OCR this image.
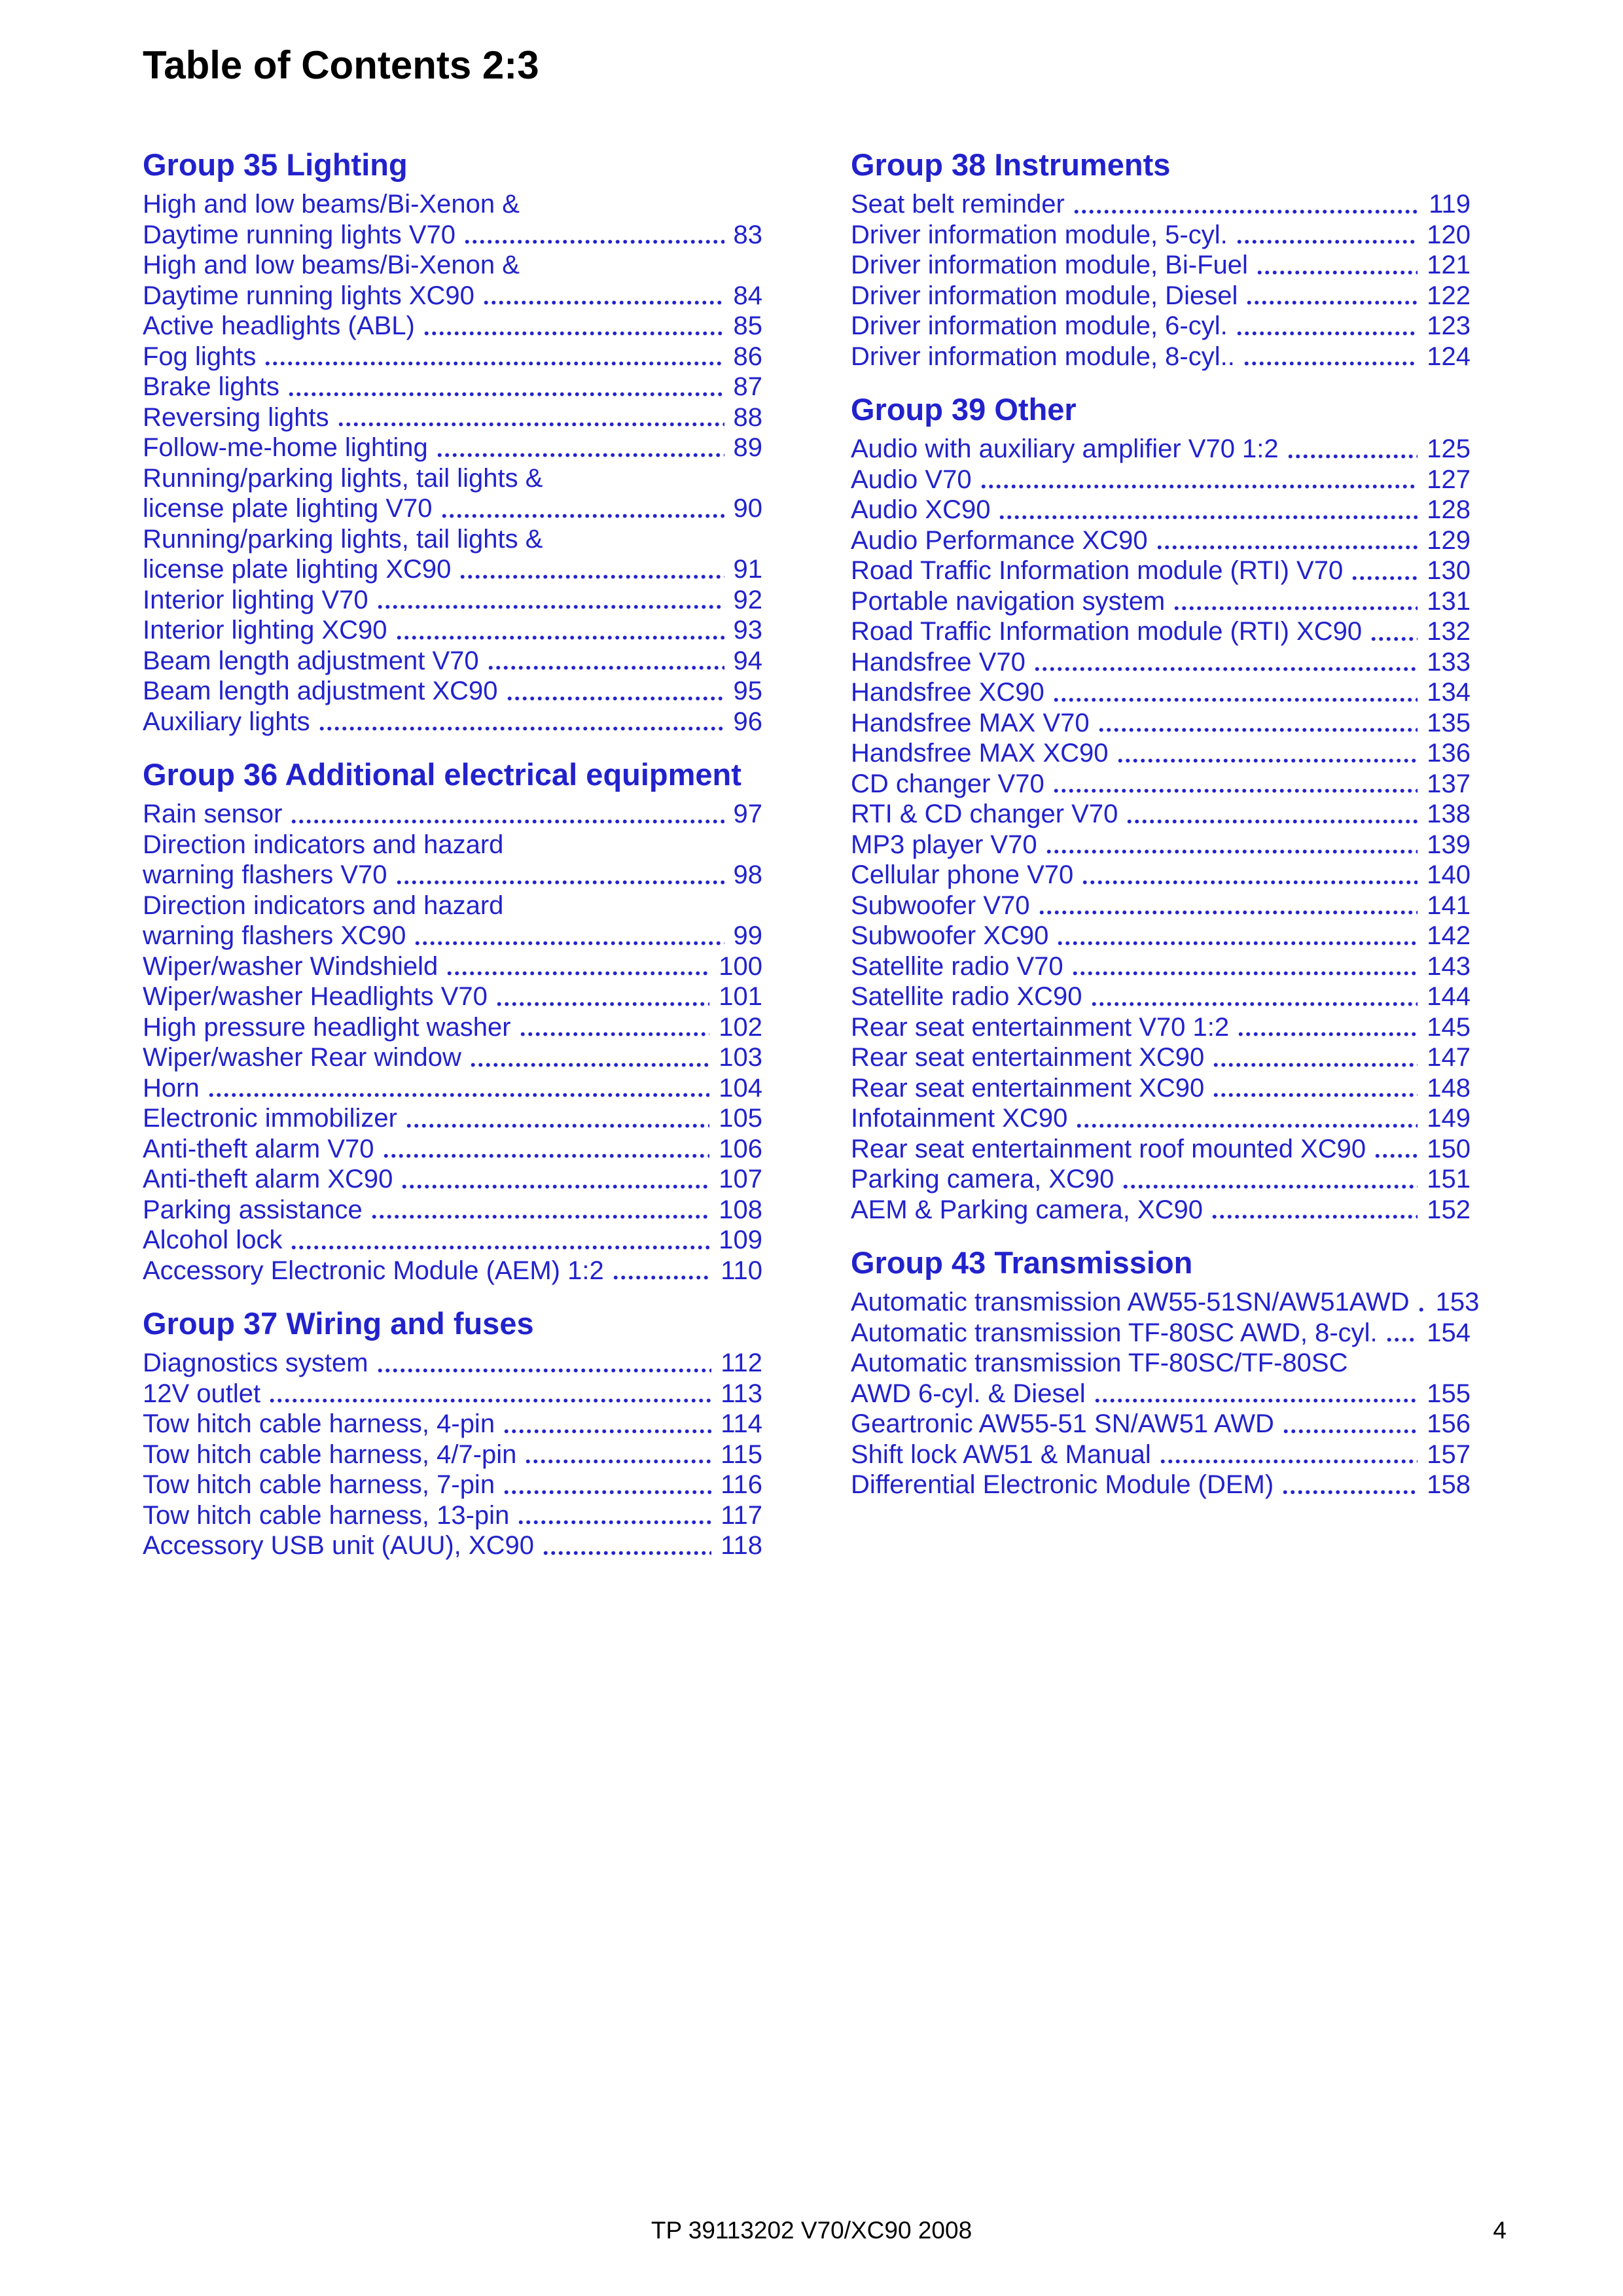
Table of Contents 2:3
Group 35 Lighting
High and low beams/Bi-Xenon &
Daytime running lights V70	83
High and low beams/Bi-Xenon &
Daytime running lights XC90	84
Active headlights (ABL)	85
Fog lights	86
Brake lights	87
Reversing lights	88
Follow-me-home lighting	89
Running/parking lights, tail lights &
license plate lighting V70	90
Running/parking lights, tail lights &
license plate lighting XC90	91
Interior lighting V70	92
Interior lighting XC90	93
Beam length adjustment V70	94
Beam length adjustment XC90	95
Auxiliary lights	96
Group 36 Additional electrical equipment
Rain sensor	97
Direction indicators and hazard
warning flashers V70	98
Direction indicators and hazard
warning flashers XC90	99
Wiper/washer Windshield	100
Wiper/washer Headlights V70	101
High pressure headlight washer	102
Wiper/washer Rear window	103
Horn	104
Electronic immobilizer	105
Anti-theft alarm V70	106
Anti-theft alarm XC90	107
Parking assistance	108
Alcohol lock	109
Accessory Electronic Module (AEM) 1:2	110
Group 37 Wiring and fuses
Diagnostics system	112
12V outlet	113
Tow hitch cable harness, 4-pin	114
Tow hitch cable harness, 4/7-pin	115
Tow hitch cable harness, 7-pin	116
Tow hitch cable harness, 13-pin	117
Accessory USB unit (AUU), XC90	118
Group 38 Instruments
Seat belt reminder	119
Driver information module, 5-cyl.	120
Driver information module, Bi-Fuel	121
Driver information module, Diesel	122
Driver information module, 6-cyl.	123
Driver information module, 8-cyl..	124
Group 39 Other
Audio with auxiliary amplifier V70 1:2	125
Audio V70	127
Audio XC90	128
Audio Performance XC90	129
Road Traffic Information module (RTI) V70	130
Portable navigation system	131
Road Traffic Information module (RTI) XC90 132
Handsfree V70	133
Handsfree XC90	134
Handsfree MAX V70	135
Handsfree MAX XC90	136
CD changer V70	137
RTI & CD changer V70	138
MP3 player V70	139
Cellular phone V70	140
Subwoofer V70	141
Subwoofer XC90	142
Satellite radio V70	143
Satellite radio XC90	144
Rear seat entertainment V70 1:2	145
Rear seat entertainment XC90	147
Rear seat entertainment XC90	148
Infotainment XC90	149
Rear seat entertainment roof mounted XC90 150
Parking camera, XC90	151
AEM & Parking camera, XC90	152
Group 43 Transmission
Automatic transmission AW55-51SN/AW51AWD 153
Automatic transmission TF-80SC AWD, 8-cyl. 154
Automatic transmission TF-80SC/TF-80SC
AWD 6-cyl. & Diesel	155
Geartronic AW55-51 SN/AW51 AWD	156
Shift lock AW51 & Manual	157
Differential Electronic Module (DEM)	158
TP 39113202 V70/XC90 2008	4
